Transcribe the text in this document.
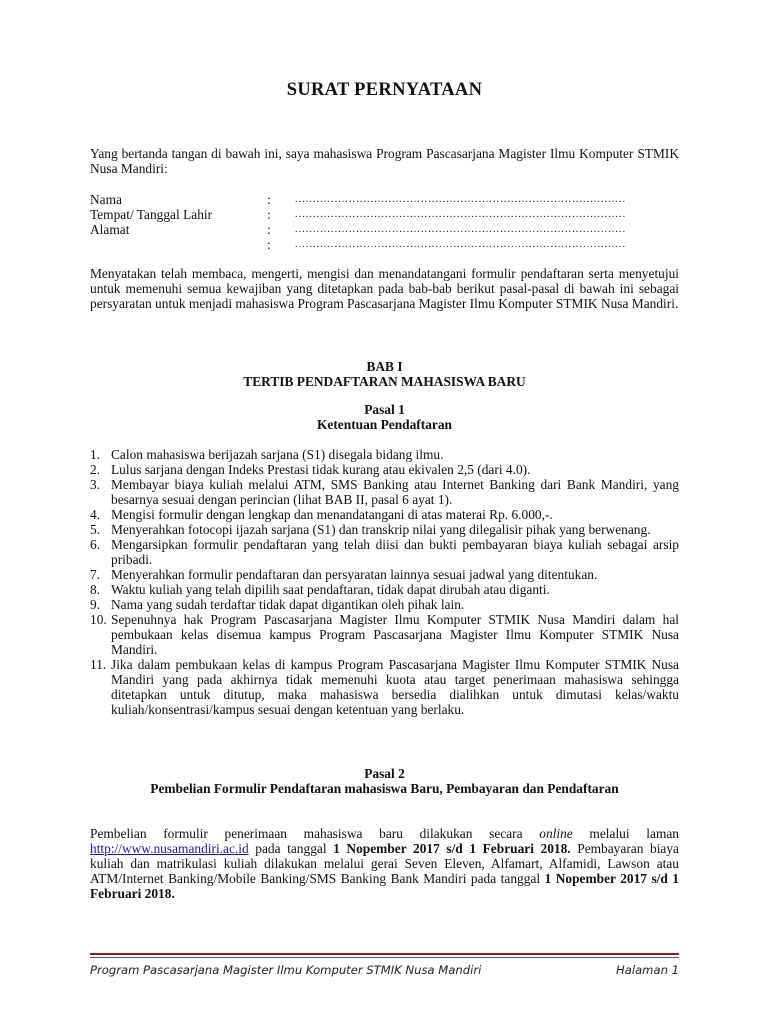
SURAT PERNYATAAN

Yang bertanda tangan di bawah ini, saya mahasiswa Program Pascasarjana Magister Ilmu Komputer STMIK Nusa Mandiri:

Nama	: ............................................................................................
Tempat/ Tanggal Lahir	: ............................................................................................
Alamat	: ............................................................................................
: ............................................................................................

Menyatakan telah membaca, mengerti, mengisi dan menandatangani formulir pendaftaran serta menyetujui untuk memenuhi semua kewajiban yang ditetapkan pada bab-bab berikut pasal-pasal di bawah ini sebagai persyaratan untuk menjadi mahasiswa Program Pascasarjana Magister Ilmu Komputer STMIK Nusa Mandiri.

BAB I

TERTIB PENDAFTARAN MAHASISWA BARU

Pasal 1

Ketentuan Pendaftaran

1. Calon mahasiswa berijazah sarjana (S1) disegala bidang ilmu.
2. Lulus sarjana dengan Indeks Prestasi tidak kurang atau ekivalen 2,5 (dari 4.0).
3. Membayar biaya kuliah melalui ATM, SMS Banking atau Internet Banking dari Bank Mandiri, yang besarnya sesuai dengan perincian (lihat BAB II, pasal 6 ayat 1).
4. Mengisi formulir dengan lengkap dan menandatangani di atas materai Rp. 6.000,-.
5. Menyerahkan fotocopi ijazah sarjana (S1) dan transkrip nilai yang dilegalisir pihak yang berwenang.
6. Mengarsipkan formulir pendaftaran yang telah diisi dan bukti pembayaran biaya kuliah sebagai arsip pribadi.
7. Menyerahkan formulir pendaftaran dan persyaratan lainnya sesuai jadwal yang ditentukan.
8. Waktu kuliah yang telah dipilih saat pendaftaran, tidak dapat dirubah atau diganti.
9. Nama yang sudah terdaftar tidak dapat digantikan oleh pihak lain.
10. Sepenuhnya hak Program Pascasarjana Magister Ilmu Komputer STMIK Nusa Mandiri dalam hal pembukaan kelas disemua kampus Program Pascasarjana Magister Ilmu Komputer STMIK Nusa Mandiri.
11. Jika dalam pembukaan kelas di kampus Program Pascasarjana Magister Ilmu Komputer STMIK Nusa Mandiri yang pada akhirnya tidak memenuhi kuota atau target penerimaan mahasiswa sehingga ditetapkan untuk ditutup, maka mahasiswa bersedia dialihkan untuk dimutasi kelas/waktu kuliah/konsentrasi/kampus sesuai dengan ketentuan yang berlaku.

Pasal 2

Pembelian Formulir Pendaftaran mahasiswa Baru, Pembayaran dan Pendaftaran

Pembelian formulir penerimaan mahasiswa baru dilakukan secara online melalui laman http://www.nusamandiri.ac.id pada tanggal 1 Nopember 2017 s/d 1 Februari 2018. Pembayaran biaya kuliah dan matrikulasi kuliah dilakukan melalui gerai Seven Eleven, Alfamart, Alfamidi, Lawson atau ATM/Internet Banking/Mobile Banking/SMS Banking Bank Mandiri pada tanggal 1 Nopember 2017 s/d 1 Februari 2018.

Program Pascasarjana Magister Ilmu Komputer STMIK Nusa Mandiri	Halaman 1
